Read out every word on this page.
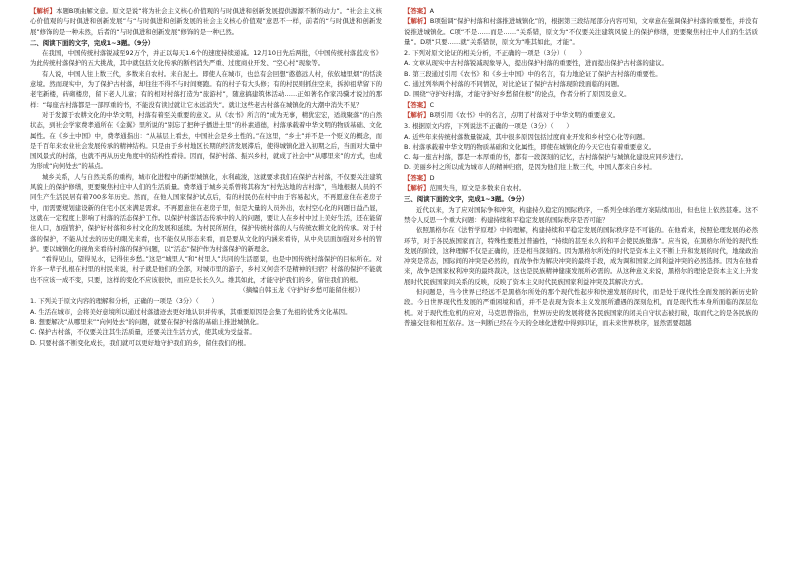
【解析】本题B项曲解文意。原文是说“将为社会主义核心价值观的与时俱进和创新发展提供源源不断的动力”。“社会主义核心价值观的与时俱进和创新发展”与“与时俱进和创新发展的社会主义核心价值观”意思不一样，前者的“与时俱进和创新发展”修饰的是一种未然，后者的“与时俱进和创新发展”修饰的是一种已然。

二、阅读下面的文字，完成1~3题。（9分）

在我国，中国传统村落锐减至92万个，并正以每天1.6个的速度持续递减。12月10日先后两批，《中国传统村落蓝皮书》为此传统村落保护的五大挑战，其中就包括文化传承的断档消失严重、过度商业开发、“空心村”现象等。

有人说，中国人往上数三代，多数来自农村。来自泥土。即使人在城市，也总有会回想“憨憨远人村，依依墟里烟”的恬淡意境。然而现实中，为了保护古村落，却往往不得不与时间赛跑。有的村子有大头修；有的村民则抓住空来，拆掉祖辈留下的老宅新楼，砖砌楼房，留下老人儿童；有的相对村落打造为“旅游村”，随意搞建筑体活动……正如著名作家冯骥才说过的那样：“每座古村落都是一部厚重的书，不能没有读过就让它永远消失”。就让这些老古村落在城镇化的大潮中消失不见？

对于发源于农耕文化的中华文明，村落有着至关重要的意义。从《农书》所言的“成为无事，精犹宏宏，适战聚落”的自然状态，到社会学家费孝通所在《金翼》里所说的“别忘了把种子播进土里”的朴素道德，村落承载着中华文明的物质基础、文化属性。在《乡土中国》中，费孝通指出：“从基层上看去，中国社会是乡土性的。”在这里，“乡土”并不是一个贬义的概念，而是千百年来农业社会发展传承的精神结构。只是由于乡村地区长期的经济发展滞后，使得城镇化进入初期之后，当面对大量中国风景式的村落，也就不再从历史角度中的结构性看待。因而，保护村落、振兴乡村，就成了社会中“从哪里来”的方式，也成为形成“向何处去”的基点。

城乡关系，人与自然关系的重构，城市化进程中的新型城镇化，水利疏浚，这就要求我们在保护古村落，不仅要关注建筑风貌上的保护修缮，更要聚焦村庄中人们的生活质量。费孝通于城乡关系曾将其称为“村先达地的古村落”，当地根据人员的不同生产生活民居有着700多年历史。然而，在他人国家保护试点后，有的村民仍在村中由于容易起火，不再愿意住在老房子中，而需要规划建设新的住宅小区来满足需求。不再愿意住在老房子里，但是大量的人员外出，农村空心化的问题日益凸显，这就在一定程度上影响了村落的活态保护工作。以保护村落活态传承中的人的问题，要让人在乡村中过上美好生活，还在能留住人口，加强管护，保护好村落和乡村文化的发展和延续。为村民所居住，保护传统村落的人与传统农耕文化的传承。对于村落的保护，不能从过去的历史的眼光来看，也不能仅从形态来看，而是要从文化的内涵来看待，从中央层面加强对乡村的管护。要以城镇化的视角来看待村落的保护问题，以“活态”保护作为村落保护的新理念。

“看得见山，望得见水，记得住乡愁。”这是“城里人”和“村里人”共同的生活愿景，也是中国传统村落保护的目标所在。对许多一辈子扎根在村里的村民来说，村子就是他们的全部，对城市里的游子，乡村又何尝不是精神的归宿？村落的保护不能就也不应该一成不变，只要，这样的变化不应该很快，而应是长长久久。维其如此，才能守护我们的乡，留住我们的根。

（摘编自韩玉龙《守护好乡愁可能留住根》）

1. 下列关于原文内容的理解和分析，正确的一项是（3分）（　　）

A. 生活在城市，会将美好意境所以通过村落遗迹去更好地认识并传承，其重要原因是会集了先祖的优秀文化基因。

B. 想要解决“从哪里来”“向何处去”的问题，就要在保护村落的基础上推进城镇化。

C. 保护古村落，不仅要关注其生活质量，还要关注生活方式，使其成为受益者。

D. 只要村落不断变化成长，我们就可以更好地守护我们的乡，留住我们的根。

【答案】A

【解析】B项强调“保护村落和村落推进城镇化”的，根据第三段结尾部分内容可知，文章意在强调保护村落的重要性，并没有说推进城镇化。C项“不是……而是……”关系错，原文为“不仅要关注建筑风貌上的保护修缮，更要聚焦村庄中人们的生活质量”。D项“只要……就”关系错误，原文为“唯其如此，才能”。

2. 下列对原文论证的相关分析，不正确的一项是（3分）（　　）

A. 文章从现实中古村落锐减现象导入，提出保护村落的重要性，进而提出保护古村落的建议。

B. 第三段通过引用《农书》和《乡土中国》中的名言，有力地论证了保护古村落的重要性。

C. 通过列举两个村落的不同情况，对比论证了保护古村落现阶段面临的问题。

D. 围绕“守护好村落，才能守护好乡愁留住根”的论点，作者分析了原因及意义。

【答案】C

【解析】B项引用《农书》中的名言，点明了村落对于中华文明的重要意义。

3. 根据原文内容，下列说法不正确的一项是（3分）（　　）

A. 近些年来传统村落数量锐减，其中很多原因包括过度商业开发和乡村空心化等问题。

B. 村落承载着中华文明的物质基础和文化属性，即使在城镇化的今天它也有着重要意义。

C. 每一座古村落，都是一本厚重的书，都有一段深刻的记忆，古村落保护与城镇化建设应同步进行。

D. 美丽乡村之所以成为城市人的精神归宿，是因为他们往上数三代，中国人都来自乡村。

【答案】D

【解析】范围失当，原文是多数来自农村。

三、阅读下面的文字，完成1~3题。（9分）

近代以来，为了应对国际争和冲突，构建持久稳定的国际秩序，一系列全球治理方案陆续而出，但也往上依然甚难。这不禁令人反思一个重大问题：构建持续和平稳定发展的国际秩序是否可能？

依照黑格尔在《法哲学原理》中的理解，构建持续和平稳定发展的国际秩序是不可能的。在他看来，按照伦理发展的必然环节，对于各民族国家而言，特殊性要胜过普遍性，“持续的甚至永久的和平会使民族堕落”。应当说，在黑格尔所处的现代性发展的阶段，这种理解不仅是正确的，还是相当深刻的。因为黑格尔所处的时代是资本主义不断上升和发展的时代，地缘政治冲突是常态，国际间的冲突是必然的，而战争作为解决冲突的最终手段，成为调和国家之间利益冲突的必然选择。因为在他看来，战争是国家权利冲突的最终裁决，这也是民族精神健康发展所必需的。从这种意义来说，黑格尔的理论是资本主义上升发展时代民族国家间关系的反映，反映了资本主义时代民族国家利益冲突及其解决方式。

但问题是，当今世界已经远不是黑格尔所处的那个现代性起步和快速发展的时代，而是处于现代性全面发展的新历史阶段。今日世界现代性发展的严重困境和盾，并不是表现为资本主义发展所遭遇的深刻危机，而是现代性本身所面临的深层危机。对于现代性危机的应对，马克思曾指出，世界历史的发展将使各民族国家的闭关自守状态被打破，取而代之的是各民族的普遍交往和相互依存。这一判断已经在今天的全球化进程中得到印证，而未来世界秩序，显然需要超越
